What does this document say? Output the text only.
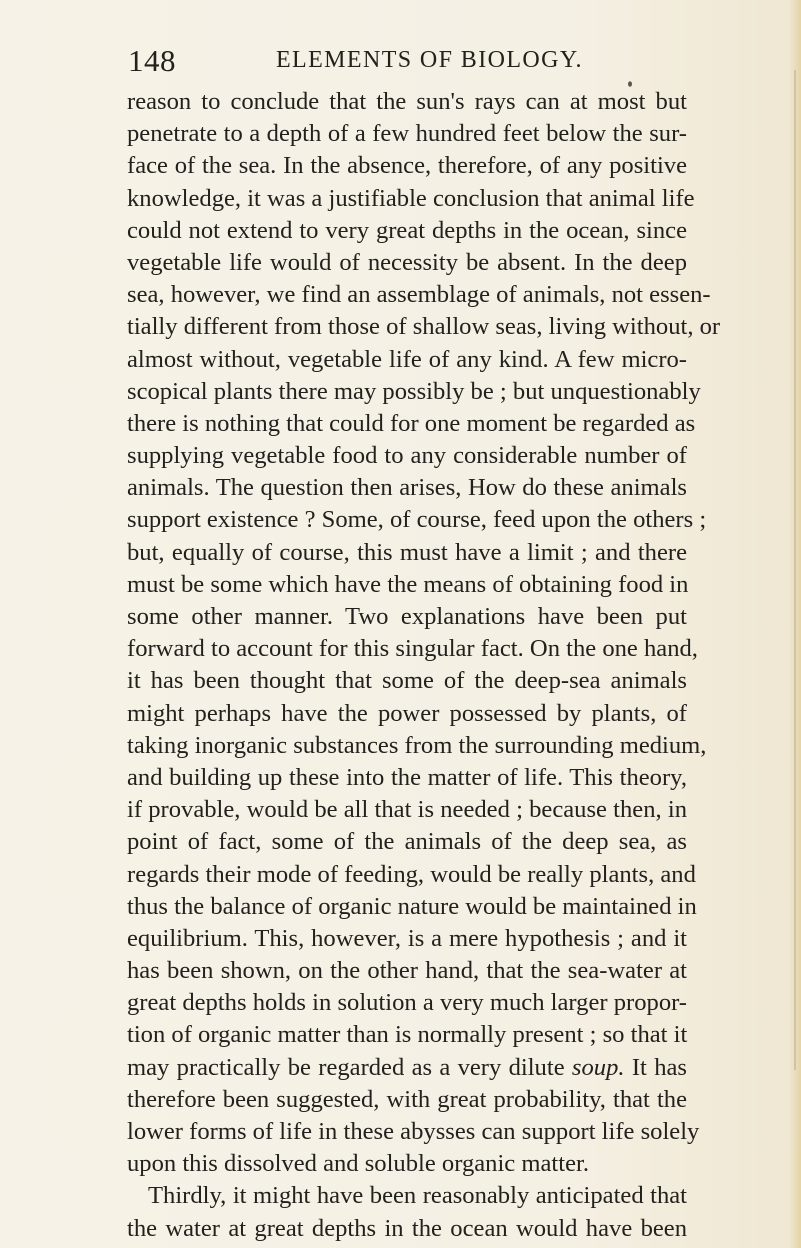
148	ELEMENTS OF BIOLOGY.
reason to conclude that the sun's rays can at most but
penetrate to a depth of a few hundred feet below the sur-
face of the sea. In the absence, therefore, of any positive
knowledge, it was a justifiable conclusion that animal life
could not extend to very great depths in the ocean, since
vegetable life would of necessity be absent. In the deep
sea, however, we find an assemblage of animals, not essen-
tially different from those of shallow seas, living without, or
almost without, vegetable life of any kind. A few micro-
scopical plants there may possibly be ; but unquestionably
there is nothing that could for one moment be regarded as
supplying vegetable food to any considerable number of
animals. The question then arises, How do these animals
support existence ? Some, of course, feed upon the others ;
but, equally of course, this must have a limit ; and there
must be some which have the means of obtaining food in
some other manner. Two explanations have been put
forward to account for this singular fact. On the one hand,
it has been thought that some of the deep-sea animals
might perhaps have the power possessed by plants, of
taking inorganic substances from the surrounding medium,
and building up these into the matter of life. This theory,
if provable, would be all that is needed ; because then, in
point of fact, some of the animals of the deep sea, as
regards their mode of feeding, would be really plants, and
thus the balance of organic nature would be maintained in
equilibrium. This, however, is a mere hypothesis ; and it
has been shown, on the other hand, that the sea-water at
great depths holds in solution a very much larger propor-
tion of organic matter than is normally present ; so that it
may practically be regarded as a very dilute soup. It has
therefore been suggested, with great probability, that the
lower forms of life in these abysses can support life solely
upon this dissolved and soluble organic matter.
Thirdly, it might have been reasonably anticipated that
the water at great depths in the ocean would have been
